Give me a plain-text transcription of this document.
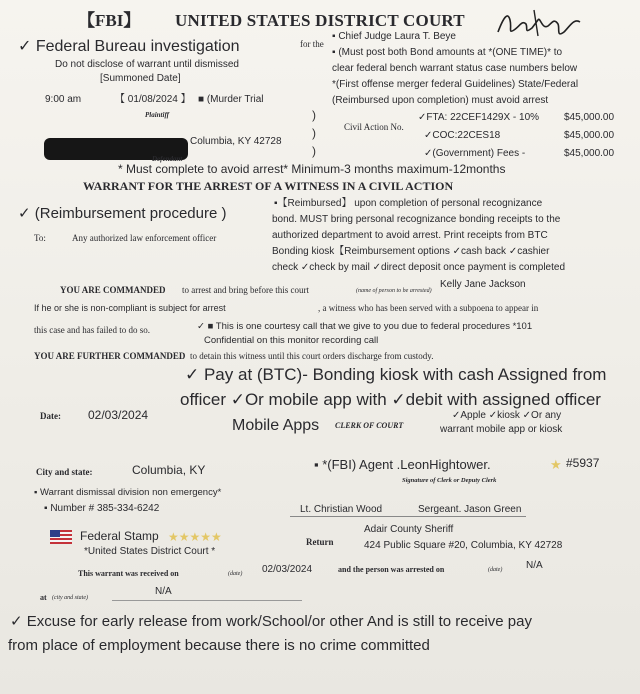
【FBI】 UNITED STATES DISTRICT COURT
✓ Federal Bureau investigation	for the
▪ Chief Judge Laura T. Beye
Do not disclose of warrant until dismissed
[Summoned Date]
▪ (Must post both Bond amounts at *(ONE TIME)* to
clear federal bench warrant status case numbers below
*(First offense merger federal Guidelines) State/Federal
(Reimbursed upon completion) must avoid arrest
9:00 am	【 01/08/2024 】 ■ (Murder Trial
Plaintiff
Columbia, KY 42728
Defendant
)
)
)
Civil Action No.
✓FTA: 22CEF1429X - 10% $45,000.00
✓COC:22CES18	$45,000.00
✓(Government) Fees -	$45,000.00
* Must complete to avoid arrest* Minimum-3 months maximum-12months
WARRANT FOR THE ARREST OF A WITNESS IN A CIVIL ACTION
✓ (Reimbursement procedure )
▪【Reimbursed】 upon completion of personal recognizance
bond. MUST bring personal recognizance bonding receipts to the
authorized department to avoid arrest. Print receipts from BTC
Bonding kiosk【Reimbursement options ✓cash back ✓cashier
check ✓check by mail ✓direct deposit once payment is completed
To:	Any authorized law enforcement officer
YOU ARE COMMANDED to arrest and bring before this court	(name of person to be arrested)
Kelly Jane Jackson
If he or she is non-compliant is subject for arrest	, a witness who has been served with a subpoena to appear in
this case and has failed to do so.	✓ ■ This is one courtesy call that we give to you due to federal procedures *101
Confidential on this monitor recording call
YOU ARE FURTHER COMMANDED to detain this witness until this court orders discharge from custody.
✓ Pay at (BTC)- Bonding kiosk with cash Assigned from
officer ✓Or mobile app with ✓debit with assigned officer
Mobile Apps CLERK OF COURT
✓Apple ✓kiosk ✓Or any
warrant mobile app or kiosk
Date: 02/03/2024
City and state:	Columbia, KY	▪ *(FBI) Agent .LeonHightower.	★ #5937
Signature of Clerk or Deputy Clerk
▪ Warrant dismissal division non emergency*
▪ Number # 385-334-6242	Lt. Christian Wood	Sergeant. Jason Green
Federal Stamp ★★★★★
*United States District Court *
Return
Adair County Sheriff
424 Public Square #20, Columbia, KY 42728
This warrant was received on	(date) 02/03/2024	and the person was arrested on	(date) N/A
at (city and state)
N/A
✓ Excuse for early release from work/School/or other And is still to receive pay
from place of employment because there is no crime committed
